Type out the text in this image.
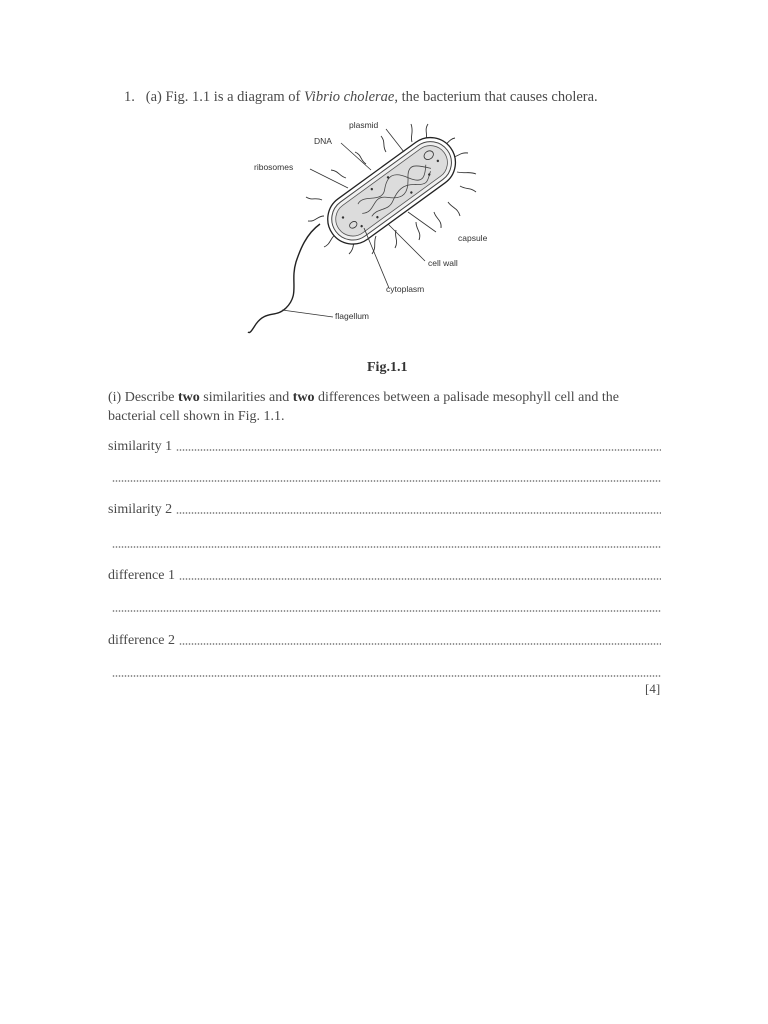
1. (a) Fig. 1.1 is a diagram of Vibrio cholerae, the bacterium that causes cholera.
plasmid
DNA
ribosomes
capsule
cell wall
cytoplasm
flagellum
Fig.1.1
(i) Describe two similarities and two differences between a palisade mesophyll cell and the bacterial cell shown in Fig. 1.1.
similarity 1
similarity 2
difference 1
difference 2
[4]
